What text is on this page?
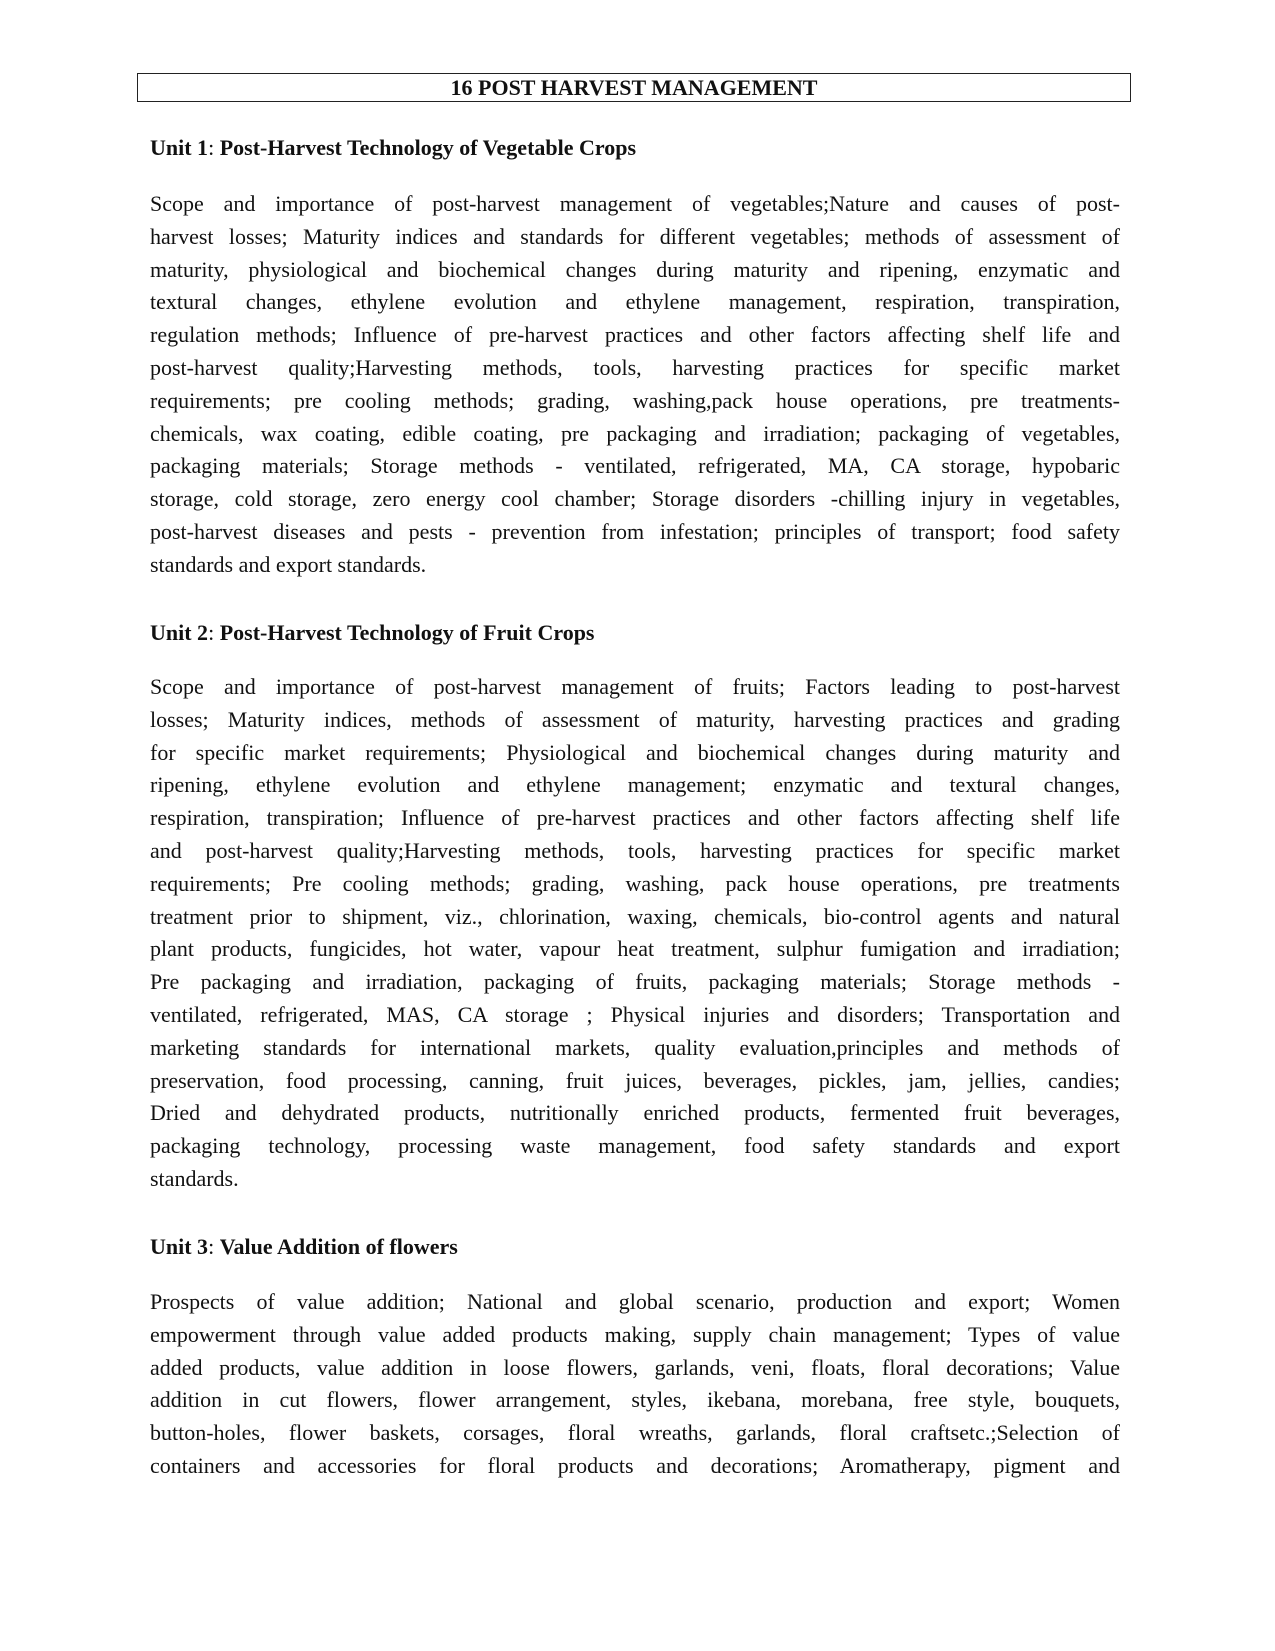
16 POST HARVEST MANAGEMENT
Unit 1: Post-Harvest Technology of Vegetable Crops
Scope and importance of post-harvest management of vegetables;Nature and causes of post-
harvest losses; Maturity indices and standards for different vegetables; methods of assessment of
maturity, physiological and biochemical changes during maturity and ripening, enzymatic and
textural changes, ethylene evolution and ethylene management, respiration, transpiration,
regulation methods; Influence of pre-harvest practices and other factors affecting shelf life and
post-harvest quality;Harvesting methods, tools, harvesting practices for specific market
requirements; pre cooling methods; grading, washing,pack house operations, pre treatments-
chemicals, wax coating, edible coating, pre packaging and irradiation; packaging of vegetables,
packaging materials; Storage methods - ventilated, refrigerated, MA, CA storage, hypobaric
storage, cold storage, zero energy cool chamber; Storage disorders -chilling injury in vegetables,
post-harvest diseases and pests - prevention from infestation; principles of transport; food safety
standards and export standards.
Unit 2: Post-Harvest Technology of Fruit Crops
Scope and importance of post-harvest management of fruits; Factors leading to post-harvest
losses; Maturity indices, methods of assessment of maturity, harvesting practices and grading
for specific market requirements; Physiological and biochemical changes during maturity and
ripening, ethylene evolution and ethylene management; enzymatic and textural changes,
respiration, transpiration; Influence of pre-harvest practices and other factors affecting shelf life
and post-harvest quality;Harvesting methods, tools, harvesting practices for specific market
requirements; Pre cooling methods; grading, washing, pack house operations, pre treatments
treatment prior to shipment, viz., chlorination, waxing, chemicals, bio-control agents and natural
plant products, fungicides, hot water, vapour heat treatment, sulphur fumigation and irradiation;
Pre packaging and irradiation, packaging of fruits, packaging materials; Storage methods -
ventilated, refrigerated, MAS, CA storage ; Physical injuries and disorders; Transportation and
marketing standards for international markets, quality evaluation,principles and methods of
preservation, food processing, canning, fruit juices, beverages, pickles, jam, jellies, candies;
Dried and dehydrated products, nutritionally enriched products, fermented fruit beverages,
packaging technology, processing waste management, food safety standards and export
standards.
Unit 3: Value Addition of flowers
Prospects of value addition; National and global scenario, production and export; Women
empowerment through value added products making, supply chain management; Types of value
added products, value addition in loose flowers, garlands, veni, floats, floral decorations; Value
addition in cut flowers, flower arrangement, styles, ikebana, morebana, free style, bouquets,
button-holes, flower baskets, corsages, floral wreaths, garlands, floral craftsetc.;Selection of
containers and accessories for floral products and decorations; Aromatherapy, pigment and
